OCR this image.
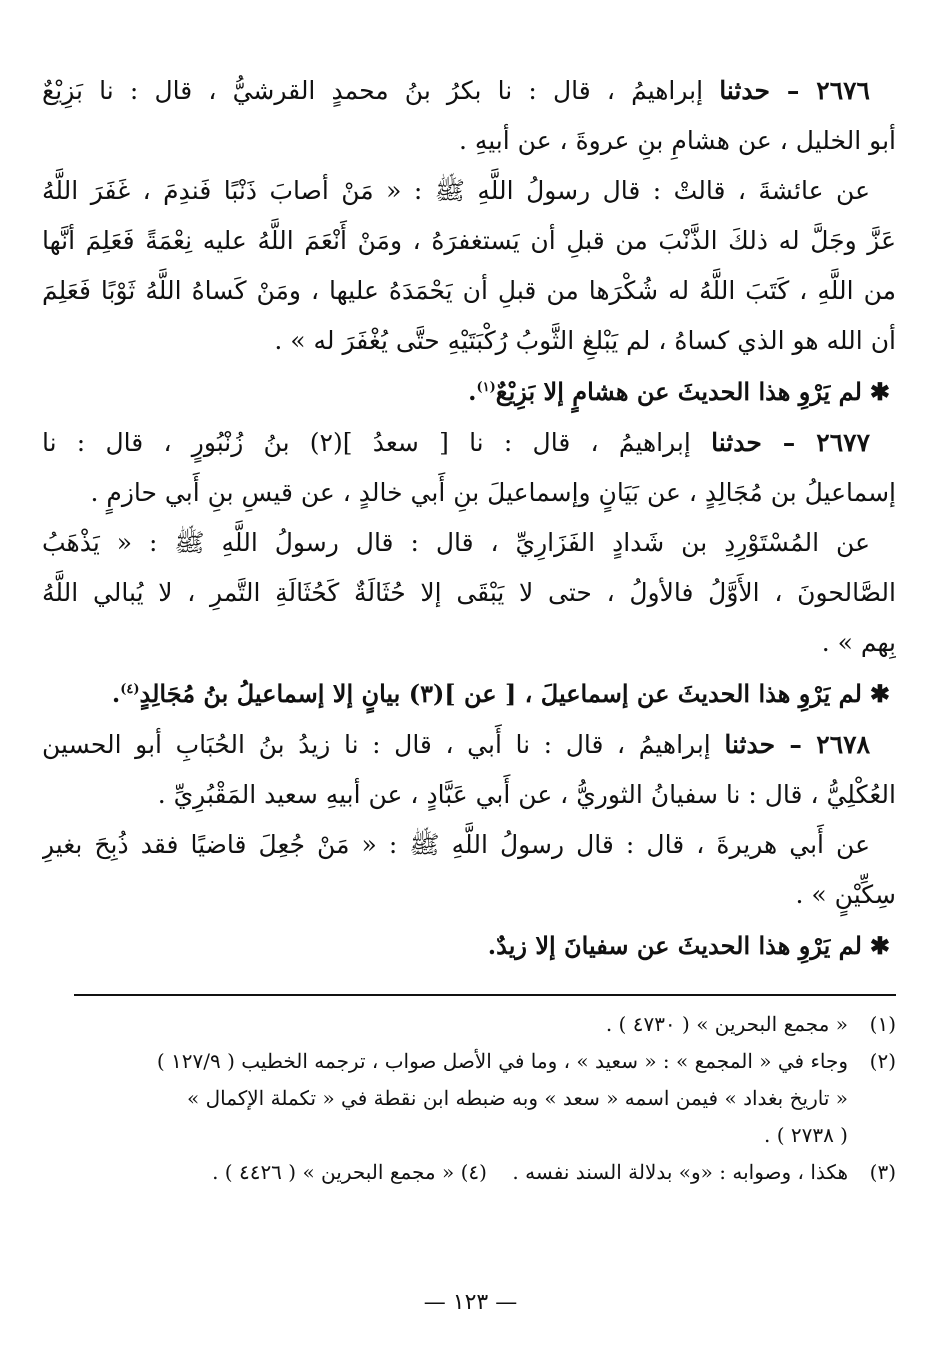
٢٦٧٦ – حدثنا إبراهيمُ ، قال : نا بكرُ بنُ محمدٍ القرشيُّ ، قال : نا بَزِيْعٌ
أبو الخليل ، عن هشامِ بنِ عروةَ ، عن أبيهِ .
عن عائشةَ ، قالتْ : قال رسولُ اللَّهِ ﷺ : « مَنْ أصابَ ذَنْبًا فَندِمَ ، غَفَرَ اللَّهُ
عَزَّ وجَلَّ له ذلكَ الذَّنْبَ من قبلِ أن يَستغفرَهُ ، ومَنْ أَنْعَمَ اللَّهُ عليه نِعْمَةً فَعَلِمَ أنَّها
من اللَّهِ ، كَتَبَ اللَّهُ له شُكْرَها من قبلِ أن يَحْمَدَهُ عليها ، ومَنْ كَساهُ اللَّهُ ثَوْبًا فَعَلِمَ
أن الله هو الذي كساهُ ، لم يَبْلغِ الثَّوبُ رُكْبَتَيْهِ حتَّى يُغْفَرَ له » .
✱لم يَرْوِ هذا الحديثَ عن هشامٍ إلا بَزِيْعٌ$^{(١)}$.
٢٦٧٧ – حدثنا إبراهيمُ ، قال : نا [ سعدُ ](٢) بنُ زُنْبُورٍ ، قال : نا
إسماعيلُ بن مُجَالِدٍ ، عن بَيَانٍ وإسماعيلَ بنِ أَبي خالدٍ ، عن قيسِ بنِ أَبي حازمٍ .
عن المُسْتَوْرِدِ بن شَدادٍ الفَزَارِيِّ ، قال : قال رسولُ اللَّهِ ﷺ : « يَذْهَبُ
الصَّالحونَ ، الأَوَّلُ فالأولُ ، حتى لا يَبْقَى إلا حُثَالَةٌ كَحُثَالَةِ التَّمرِ ، لا يُبالي اللَّهُ
بِهم » .
✱لم يَرْوِ هذا الحديثَ عن إسماعيلَ ، [ عن ](٣) بيانٍ إلا إسماعيلُ بنُ مُجَالِدٍ$^{(٤)}$.
٢٦٧٨ – حدثنا إبراهيمُ ، قال : نا أَبي ، قال : نا زيدُ بنُ الحُبَابِ أبو الحسين
العُكْلِيُّ ، قال : نا سفيانُ الثوريُّ ، عن أَبي عَبَّادٍ ، عن أبيهِ سعيد المَقْبُرِيِّ .
عن أَبي هريرةَ ، قال : قال رسولُ اللَّهِ ﷺ : « مَنْ جُعِلَ قاضيًا فقد ذُبِحَ بغيرِ
سِكِّيْنٍ » .
✱لم يَرْوِ هذا الحديثَ عن سفيانَ إلا زيدٌ.
(١)« مجمع البحرين » ( ٤٧٣٠ ) .
(٢)وجاء في « المجمع » : « سعيد » ، وما في الأصل صواب ، ترجمه الخطيب ( ١٢٧/٩ )
« تاريخ بغداد » فيمن اسمه « سعد » وبه ضبطه ابن نقطة في « تكملة الإكمال »
( ٢٧٣٨ ) .
(٣)هكذا ، وصوابه : «و» بدلالة السند نفسه .    (٤) « مجمع البحرين » ( ٤٤٢٦ ) .
— ١٢٣ —
